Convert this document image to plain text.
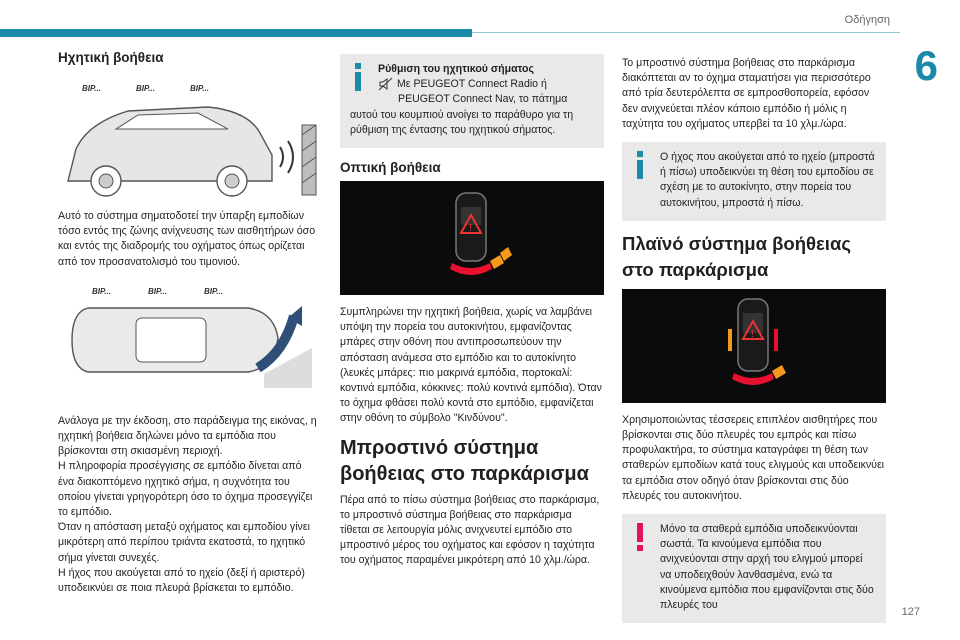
Οδήγηση
6
127
Ηχητική βοήθεια
BIP...	BIP...	BIP...

Αυτό το σύστημα σηματοδοτεί την ύπαρξη εμποδίων τόσο εντός της ζώνης ανίχνευσης των αισθητήρων όσο και εντός της διαδρομής του οχήματος όπως ορίζεται από τον προσανατολισμό του τιμονιού.

BIP...	BIP...	BIP...

Ανάλογα με την έκδοση, στο παράδειγμα της εικόνας, η ηχητική βοήθεια δηλώνει μόνο τα εμπόδια που βρίσκονται στη σκιασμένη περιοχή.

Η πληροφορία προσέγγισης σε εμπόδιο δίνεται από ένα διακοπτόμενο ηχητικό σήμα, η συχνότητα του οποίου γίνεται γρηγορότερη όσο το όχημα προσεγγίζει το εμπόδιο.

Όταν η απόσταση μεταξύ οχήματος και εμποδίου γίνει μικρότερη από περίπου τριάντα εκατοστά, το ηχητικό σήμα γίνεται συνεχές.

Η ήχος που ακούγεται από το ηχείο (δεξί ή αριστερό) υποδεικνύει σε ποια πλευρά βρίσκεται το εμπόδιο.

Ρύθμιση του ηχητικού σήματος

Με PEUGEOT Connect Radio ή

PEUGEOT Connect Nav, το πάτημα

αυτού του κουμπιού ανοίγει το παράθυρο για τη ρύθμιση της έντασης του ηχητικού σήματος.

Οπτική βοήθεια
!

Συμπληρώνει την ηχητική βοήθεια, χωρίς να λαμβάνει υπόψη την πορεία του αυτοκινήτου, εμφανίζοντας μπάρες στην οθόνη που αντιπροσωπεύουν την απόσταση ανάμεσα στο εμπόδιο και το αυτοκίνητο (λευκές μπάρες: πιο μακρινά εμπόδια, πορτοκαλί: κοντινά εμπόδια, κόκκινες: πολύ κοντινά εμπόδια). Όταν το όχημα φθάσει πολύ κοντά στο εμπόδιο, εμφανίζεται στην οθόνη το σύμβολο "Κινδύνου".

Μπροστινό σύστημα βοήθειας στο παρκάρισμα

Πέρα από το πίσω σύστημα βοήθειας στο παρκάρισμα, το μπροστινό σύστημα βοήθειας στο παρκάρισμα τίθεται σε λειτουργία μόλις ανιχνευτεί εμπόδιο στο μπροστινό μέρος του οχήματος και εφόσον η ταχύτητα του οχήματος παραμένει μικρότερη από 10 χλμ./ώρα.

Το μπροστινό σύστημα βοήθειας στο παρκάρισμα διακόπτεται αν το όχημα σταματήσει για περισσότερο από τρία δευτερόλεπτα σε εμπροσθοπορεία, εφόσον δεν ανιχνεύεται πλέον κάποιο εμπόδιο ή μόλις η ταχύτητα του οχήματος υπερβεί τα 10 χλμ./ώρα.

Ο ήχος που ακούγεται από το ηχείο (μπροστά ή πίσω) υποδεικνύει τη θέση του εμποδίου σε σχέση με το αυτοκίνητο, στην πορεία του αυτοκινήτου, μπροστά ή πίσω.

Πλαϊνό σύστημα βοήθειας στο παρκάρισμα
!

Χρησιμοποιώντας τέσσερεις επιπλέον αισθητήρες που βρίσκονται στις δύο πλευρές του εμπρός και πίσω προφυλακτήρα, το σύστημα καταγράφει τη θέση των σταθερών εμποδίων κατά τους ελιγμούς και υποδεικνύει τα εμπόδια στον οδηγό όταν βρίσκονται στις δύο πλευρές του αυτοκινήτου.

Μόνο τα σταθερά εμπόδια υποδεικνύονται σωστά. Τα κινούμενα εμπόδια που ανιχνεύονται στην αρχή του ελιγμού μπορεί να υποδειχθούν λανθασμένα, ενώ τα κινούμενα εμπόδια που εμφανίζονται στις δύο πλευρές του
